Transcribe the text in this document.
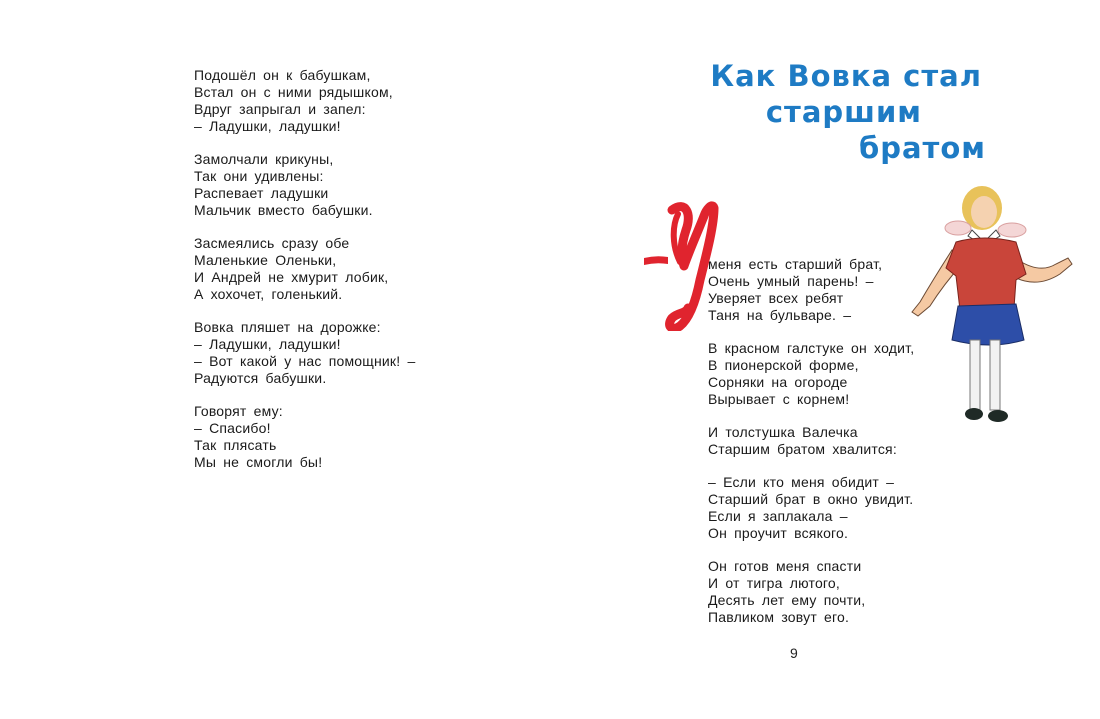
Подошёл он к бабушкам,
Встал он с ними рядышком,
Вдруг запрыгал и запел:
– Ладушки, ладушки!
Замолчали крикуны,
Так они удивлены:
Распевает ладушки
Мальчик вместо бабушки.
Засмеялись сразу обе
Маленькие Оленьки,
И Андрей не хмурит лобик,
А хохочет, голенький.
Вовка пляшет на дорожке:
– Ладушки, ладушки!
– Вот какой у нас помощник! –
Радуются бабушки.
Говорят ему:
– Спасибо!
Так плясать
Мы не смогли бы!
Как Вовка стал
старшим
братом
меня есть старший брат,
Очень умный парень! –
Уверяет всех ребят
Таня на бульваре. –
В красном галстуке он ходит,
В пионерской форме,
Сорняки на огороде
Вырывает с корнем!
И толстушка Валечка
Старшим братом хвалится:
– Если кто меня обидит –
Старший брат в окно увидит.
Если я заплакала –
Он проучит всякого.
Он готов меня спасти
И от тигра лютого,
Десять лет ему почти,
Павликом зовут его.
9
